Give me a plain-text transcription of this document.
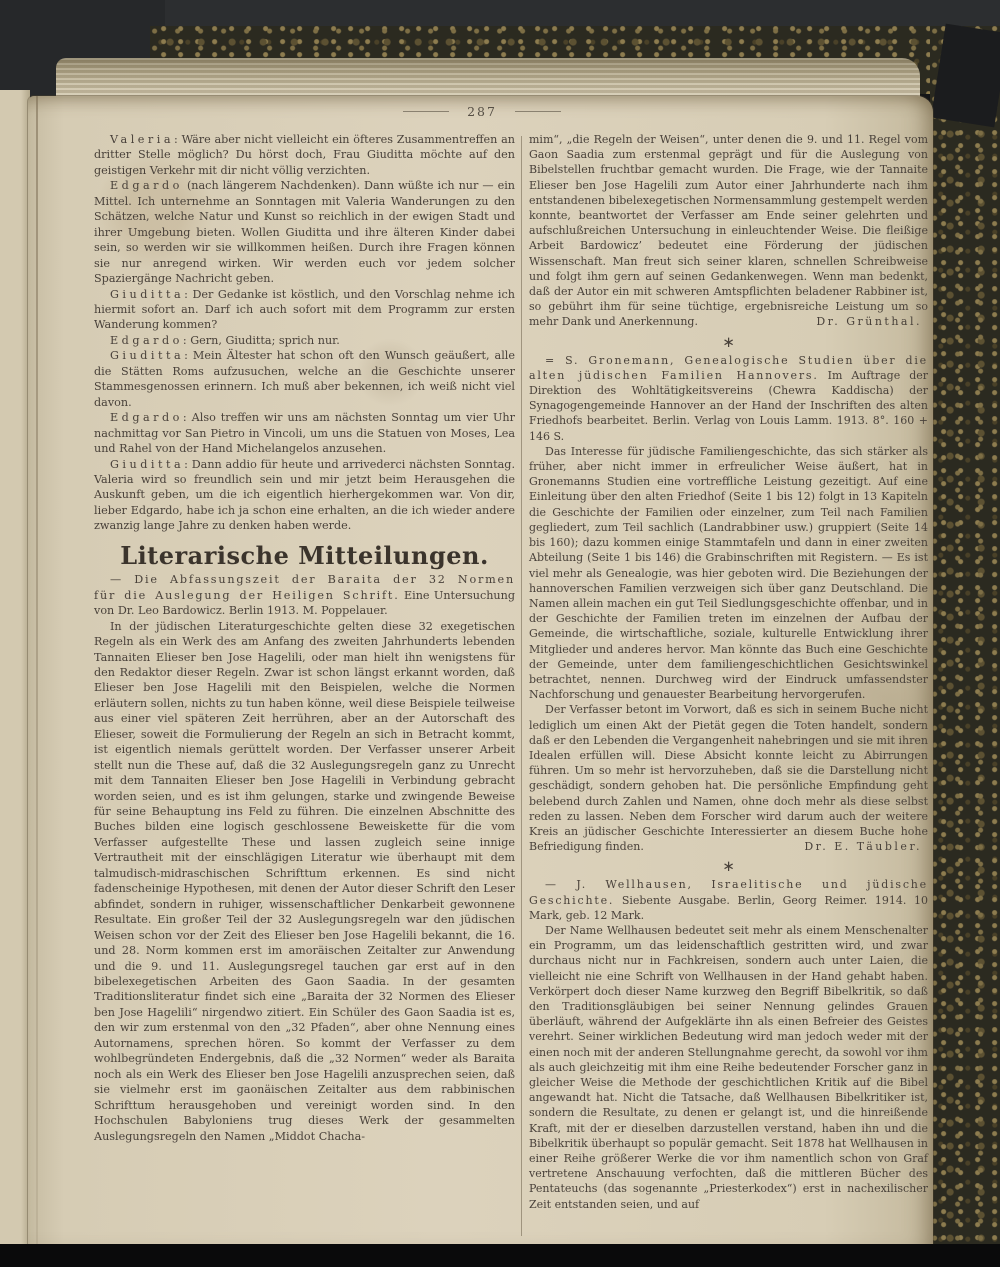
287

Valeria: Wäre aber nicht vielleicht ein öfteres Zusammentreffen an dritter Stelle möglich? Du hörst doch, Frau Giuditta möchte auf den geistigen Verkehr mit dir nicht völlig verzichten.

Edgardo (nach längerem Nachdenken). Dann wüßte ich nur — ein Mittel. Ich unternehme an Sonntagen mit Valeria Wanderungen zu den Schätzen, welche Natur und Kunst so reichlich in der ewigen Stadt und ihrer Umgebung bieten. Wollen Giuditta und ihre älteren Kinder dabei sein, so werden wir sie willkommen heißen. Durch ihre Fragen können sie nur anregend wirken. Wir werden euch vor jedem solcher Spaziergänge Nachricht geben.

Giuditta: Der Gedanke ist köstlich, und den Vorschlag nehme ich hiermit sofort an. Darf ich auch sofort mit dem Programm zur ersten Wanderung kommen?

Edgardo: Gern, Giuditta; sprich nur.

Giuditta: Mein Ältester hat schon oft den Wunsch geäußert, alle die Stätten Roms aufzusuchen, welche an die Geschichte unserer Stammesgenossen erinnern. Ich muß aber bekennen, ich weiß nicht viel davon.

Edgardo: Also treffen wir uns am nächsten Sonntag um vier Uhr nachmittag vor San Pietro in Vincoli, um uns die Statuen von Moses, Lea und Rahel von der Hand Michelangelos anzusehen.

Giuditta: Dann addio für heute und arrivederci nächsten Sonntag. Valeria wird so freundlich sein und mir jetzt beim Herausgehen die Auskunft geben, um die ich eigentlich hierhergekommen war. Von dir, lieber Edgardo, habe ich ja schon eine erhalten, an die ich wieder andere zwanzig lange Jahre zu denken haben werde.

Literarische Mitteilungen.

— Die Abfassungszeit der Baraita der 32 Normen für die Auslegung der Heiligen Schrift. Eine Untersuchung von Dr. Leo Bardowicz. Berlin 1913. M. Poppelauer.

In der jüdischen Literaturgeschichte gelten diese 32 exegetischen Regeln als ein Werk des am Anfang des zweiten Jahrhunderts lebenden Tannaiten Elieser ben Jose Hagelili, oder man hielt ihn wenigstens für den Redaktor dieser Regeln. Zwar ist schon längst erkannt worden, daß Elieser ben Jose Hagelili mit den Beispielen, welche die Normen erläutern sollen, nichts zu tun haben könne, weil diese Beispiele teilweise aus einer viel späteren Zeit herrühren, aber an der Autorschaft des Elieser, soweit die Formulierung der Regeln an sich in Betracht kommt, ist eigentlich niemals gerüttelt worden. Der Verfasser unserer Arbeit stellt nun die These auf, daß die 32 Auslegungsregeln ganz zu Unrecht mit dem Tannaiten Elieser ben Jose Hagelili in Verbindung gebracht worden seien, und es ist ihm gelungen, starke und zwingende Beweise für seine Behauptung ins Feld zu führen. Die einzelnen Abschnitte des Buches bilden eine logisch geschlossene Beweiskette für die vom Verfasser aufgestellte These und lassen zugleich seine innige Vertrautheit mit der einschlägigen Literatur wie überhaupt mit dem talmudisch-midraschischen Schrifttum erkennen. Es sind nicht fadenscheinige Hypothesen, mit denen der Autor dieser Schrift den Leser abfindet, sondern in ruhiger, wissenschaftlicher Denkarbeit gewonnene Resultate. Ein großer Teil der 32 Auslegungsregeln war den jüdischen Weisen schon vor der Zeit des Elieser ben Jose Hagelili bekannt, die 16. und 28. Norm kommen erst im amoräischen Zeitalter zur Anwendung und die 9. und 11. Auslegungsregel tauchen gar erst auf in den bibelexegetischen Arbeiten des Gaon Saadia. In der gesamten Traditionsliteratur findet sich eine „Baraita der 32 Normen des Elieser ben Jose Hagelili“ nirgendwo zitiert. Ein Schüler des Gaon Saadia ist es, den wir zum erstenmal von den „32 Pfaden“, aber ohne Nennung eines Autornamens, sprechen hören. So kommt der Verfasser zu dem wohlbegründeten Endergebnis, daß die „32 Normen“ weder als Baraita noch als ein Werk des Elieser ben Jose Hagelili anzusprechen seien, daß sie vielmehr erst im gaonäischen Zeitalter aus dem rabbinischen Schrifttum herausgehoben und vereinigt worden sind. In den Hochschulen Babyloniens trug dieses Werk der gesammelten Auslegungsregeln den Namen „Middot Chacha-

mim“, „die Regeln der Weisen“, unter denen die 9. und 11. Regel vom Gaon Saadia zum erstenmal geprägt und für die Auslegung von Bibelstellen fruchtbar gemacht wurden. Die Frage, wie der Tannaite Elieser ben Jose Hagelili zum Autor einer Jahrhunderte nach ihm entstandenen bibelexegetischen Normensammlung gestempelt werden konnte, beantwortet der Verfasser am Ende seiner gelehrten und aufschlußreichen Untersuchung in einleuchtender Weise. Die fleißige Arbeit Bardowicz’ bedeutet eine Förderung der jüdischen Wissenschaft. Man freut sich seiner klaren, schnellen Schreibweise und folgt ihm gern auf seinen Gedankenwegen. Wenn man bedenkt, daß der Autor ein mit schweren Amtspflichten beladener Rabbiner ist, so gebührt ihm für seine tüchtige, ergebnisreiche Leistung um so mehr Dank und Anerkennung.	Dr. Grünthal.
∗

= S. Gronemann, Genealogische Studien über die alten jüdischen Familien Hannovers. Im Auftrage der Direktion des Wohltätigkeitsvereins (Chewra Kaddischa) der Synagogengemeinde Hannover an der Hand der Inschriften des alten Friedhofs bearbeitet. Berlin. Verlag von Louis Lamm. 1913. 8°. 160 + 146 S.

Das Interesse für jüdische Familiengeschichte, das sich stärker als früher, aber nicht immer in erfreulicher Weise äußert, hat in Gronemanns Studien eine vortreffliche Leistung gezeitigt. Auf eine Einleitung über den alten Friedhof (Seite 1 bis 12) folgt in 13 Kapiteln die Geschichte der Familien oder einzelner, zum Teil nach Familien gegliedert, zum Teil sachlich (Landrabbiner usw.) gruppiert (Seite 14 bis 160); dazu kommen einige Stammtafeln und dann in einer zweiten Abteilung (Seite 1 bis 146) die Grabinschriften mit Registern. — Es ist viel mehr als Genealogie, was hier geboten wird. Die Beziehungen der hannoverschen Familien verzweigen sich über ganz Deutschland. Die Namen allein machen ein gut Teil Siedlungsgeschichte offenbar, und in der Geschichte der Familien treten im einzelnen der Aufbau der Gemeinde, die wirtschaftliche, soziale, kulturelle Entwicklung ihrer Mitglieder und anderes hervor. Man könnte das Buch eine Geschichte der Gemeinde, unter dem familiengeschichtlichen Gesichtswinkel betrachtet, nennen. Durchweg wird der Eindruck umfassendster Nachforschung und genauester Bearbeitung hervorgerufen.

Der Verfasser betont im Vorwort, daß es sich in seinem Buche nicht lediglich um einen Akt der Pietät gegen die Toten handelt, sondern daß er den Lebenden die Vergangenheit nahebringen und sie mit ihren Idealen erfüllen will. Diese Absicht konnte leicht zu Abirrungen führen. Um so mehr ist hervorzuheben, daß sie die Darstellung nicht geschädigt, sondern gehoben hat. Die persönliche Empfindung geht belebend durch Zahlen und Namen, ohne doch mehr als diese selbst reden zu lassen. Neben dem Forscher wird darum auch der weitere Kreis an jüdischer Geschichte Interessierter an diesem Buche hohe Befriedigung finden.	Dr. E. Täubler.
∗

— J. Wellhausen, Israelitische und jüdische Geschichte. Siebente Ausgabe. Berlin, Georg Reimer. 1914. 10 Mark, geb. 12 Mark.

Der Name Wellhausen bedeutet seit mehr als einem Menschenalter ein Programm, um das leidenschaftlich gestritten wird, und zwar durchaus nicht nur in Fachkreisen, sondern auch unter Laien, die vielleicht nie eine Schrift von Wellhausen in der Hand gehabt haben. Verkörpert doch dieser Name kurzweg den Begriff Bibelkritik, so daß den Traditionsgläubigen bei seiner Nennung gelindes Grauen überläuft, während der Aufgeklärte ihn als einen Befreier des Geistes verehrt. Seiner wirklichen Bedeutung wird man jedoch weder mit der einen noch mit der anderen Stellungnahme gerecht, da sowohl vor ihm als auch gleichzeitig mit ihm eine Reihe bedeutender Forscher ganz in gleicher Weise die Methode der geschichtlichen Kritik auf die Bibel angewandt hat. Nicht die Tatsache, daß Wellhausen Bibelkritiker ist, sondern die Resultate, zu denen er gelangt ist, und die hinreißende Kraft, mit der er dieselben darzustellen verstand, haben ihn und die Bibelkritik überhaupt so populär gemacht. Seit 1878 hat Wellhausen in einer Reihe größerer Werke die vor ihm namentlich schon von Graf vertretene Anschauung verfochten, daß die mittleren Bücher des Pentateuchs (das sogenannte „Priesterkodex“) erst in nachexilischer Zeit entstanden seien, und auf
